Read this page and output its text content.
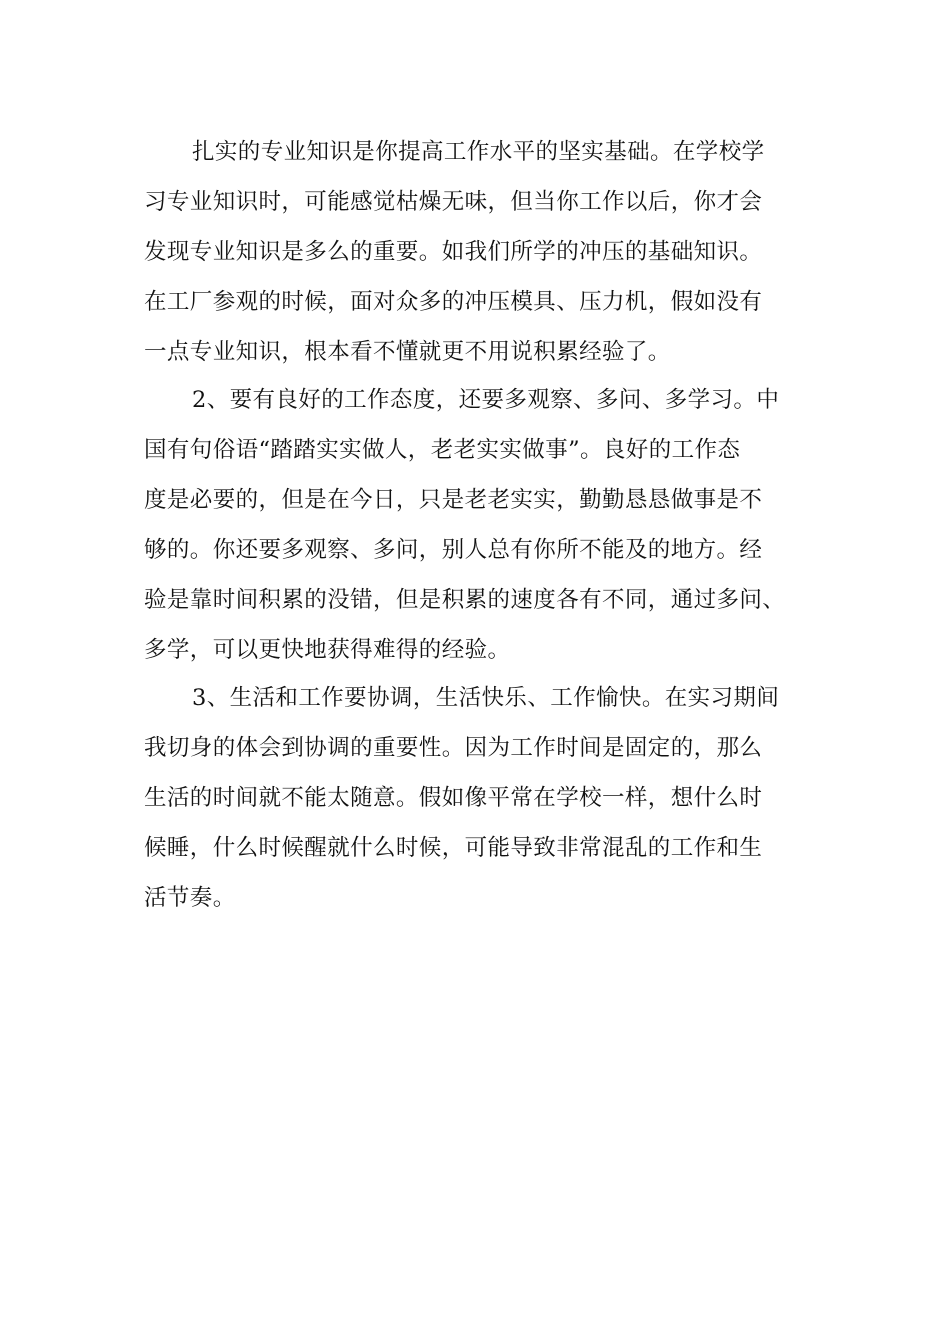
扎实的专业知识是你提高工作水平的坚实基础。在学校学
习专业知识时，可能感觉枯燥无味，但当你工作以后，你才会
发现专业知识是多么的重要。如我们所学的冲压的基础知识。
在工厂参观的时候，面对众多的冲压模具、压力机，假如没有
一点专业知识，根本看不懂就更不用说积累经验了。
2、要有良好的工作态度，还要多观察、多问、多学习。中
国有句俗语“踏踏实实做人，老老实实做事”。良好的工作态
度是必要的，但是在今日，只是老老实实，勤勤恳恳做事是不
够的。你还要多观察、多问，别人总有你所不能及的地方。经
验是靠时间积累的没错，但是积累的速度各有不同，通过多问、
多学，可以更快地获得难得的经验。
3、生活和工作要协调，生活快乐、工作愉快。在实习期间
我切身的体会到协调的重要性。因为工作时间是固定的，那么
生活的时间就不能太随意。假如像平常在学校一样，想什么时
候睡，什么时候醒就什么时候，可能导致非常混乱的工作和生
活节奏。
